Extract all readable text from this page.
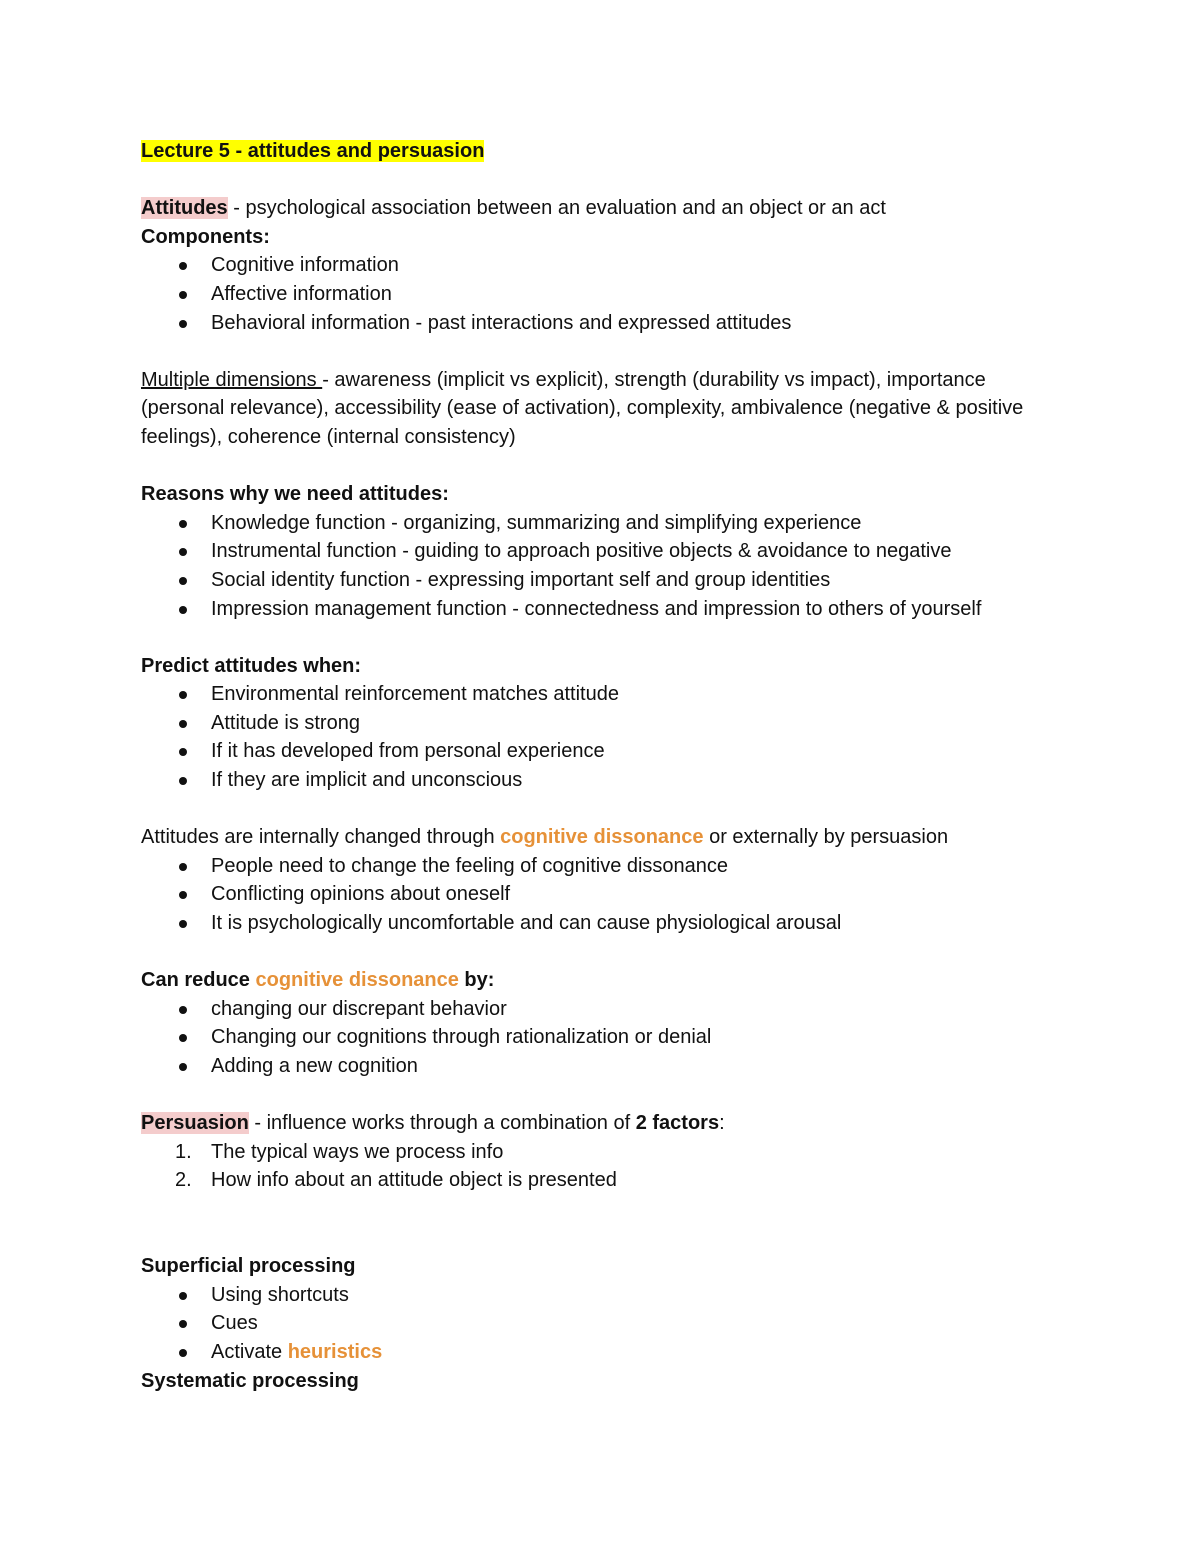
Lecture 5 - attitudes and persuasion

Attitudes - psychological association between an evaluation and an object or an act

Components:

Cognitive information
Affective information
Behavioral information - past interactions and expressed attitudes

Multiple dimensions - awareness (implicit vs explicit), strength (durability vs impact), importance (personal relevance), accessibility (ease of activation), complexity, ambivalence (negative & positive feelings), coherence (internal consistency)

Reasons why we need attitudes:

Knowledge function - organizing, summarizing and simplifying experience
Instrumental function - guiding to approach positive objects & avoidance to negative
Social identity function - expressing important self and group identities
Impression management function - connectedness and impression to others of yourself

Predict attitudes when:

Environmental reinforcement matches attitude
Attitude is strong
If it has developed from personal experience
If they are implicit and unconscious

Attitudes are internally changed through cognitive dissonance or externally by persuasion

People need to change the feeling of cognitive dissonance
Conflicting opinions about oneself
It is psychologically uncomfortable and can cause physiological arousal

Can reduce cognitive dissonance by:

changing our discrepant behavior
Changing our cognitions through rationalization or denial
Adding a new cognition

Persuasion - influence works through a combination of 2 factors:

1. The typical ways we process info
2. How info about an attitude object is presented

Superficial processing

Using shortcuts
Cues
Activate heuristics

Systematic processing
